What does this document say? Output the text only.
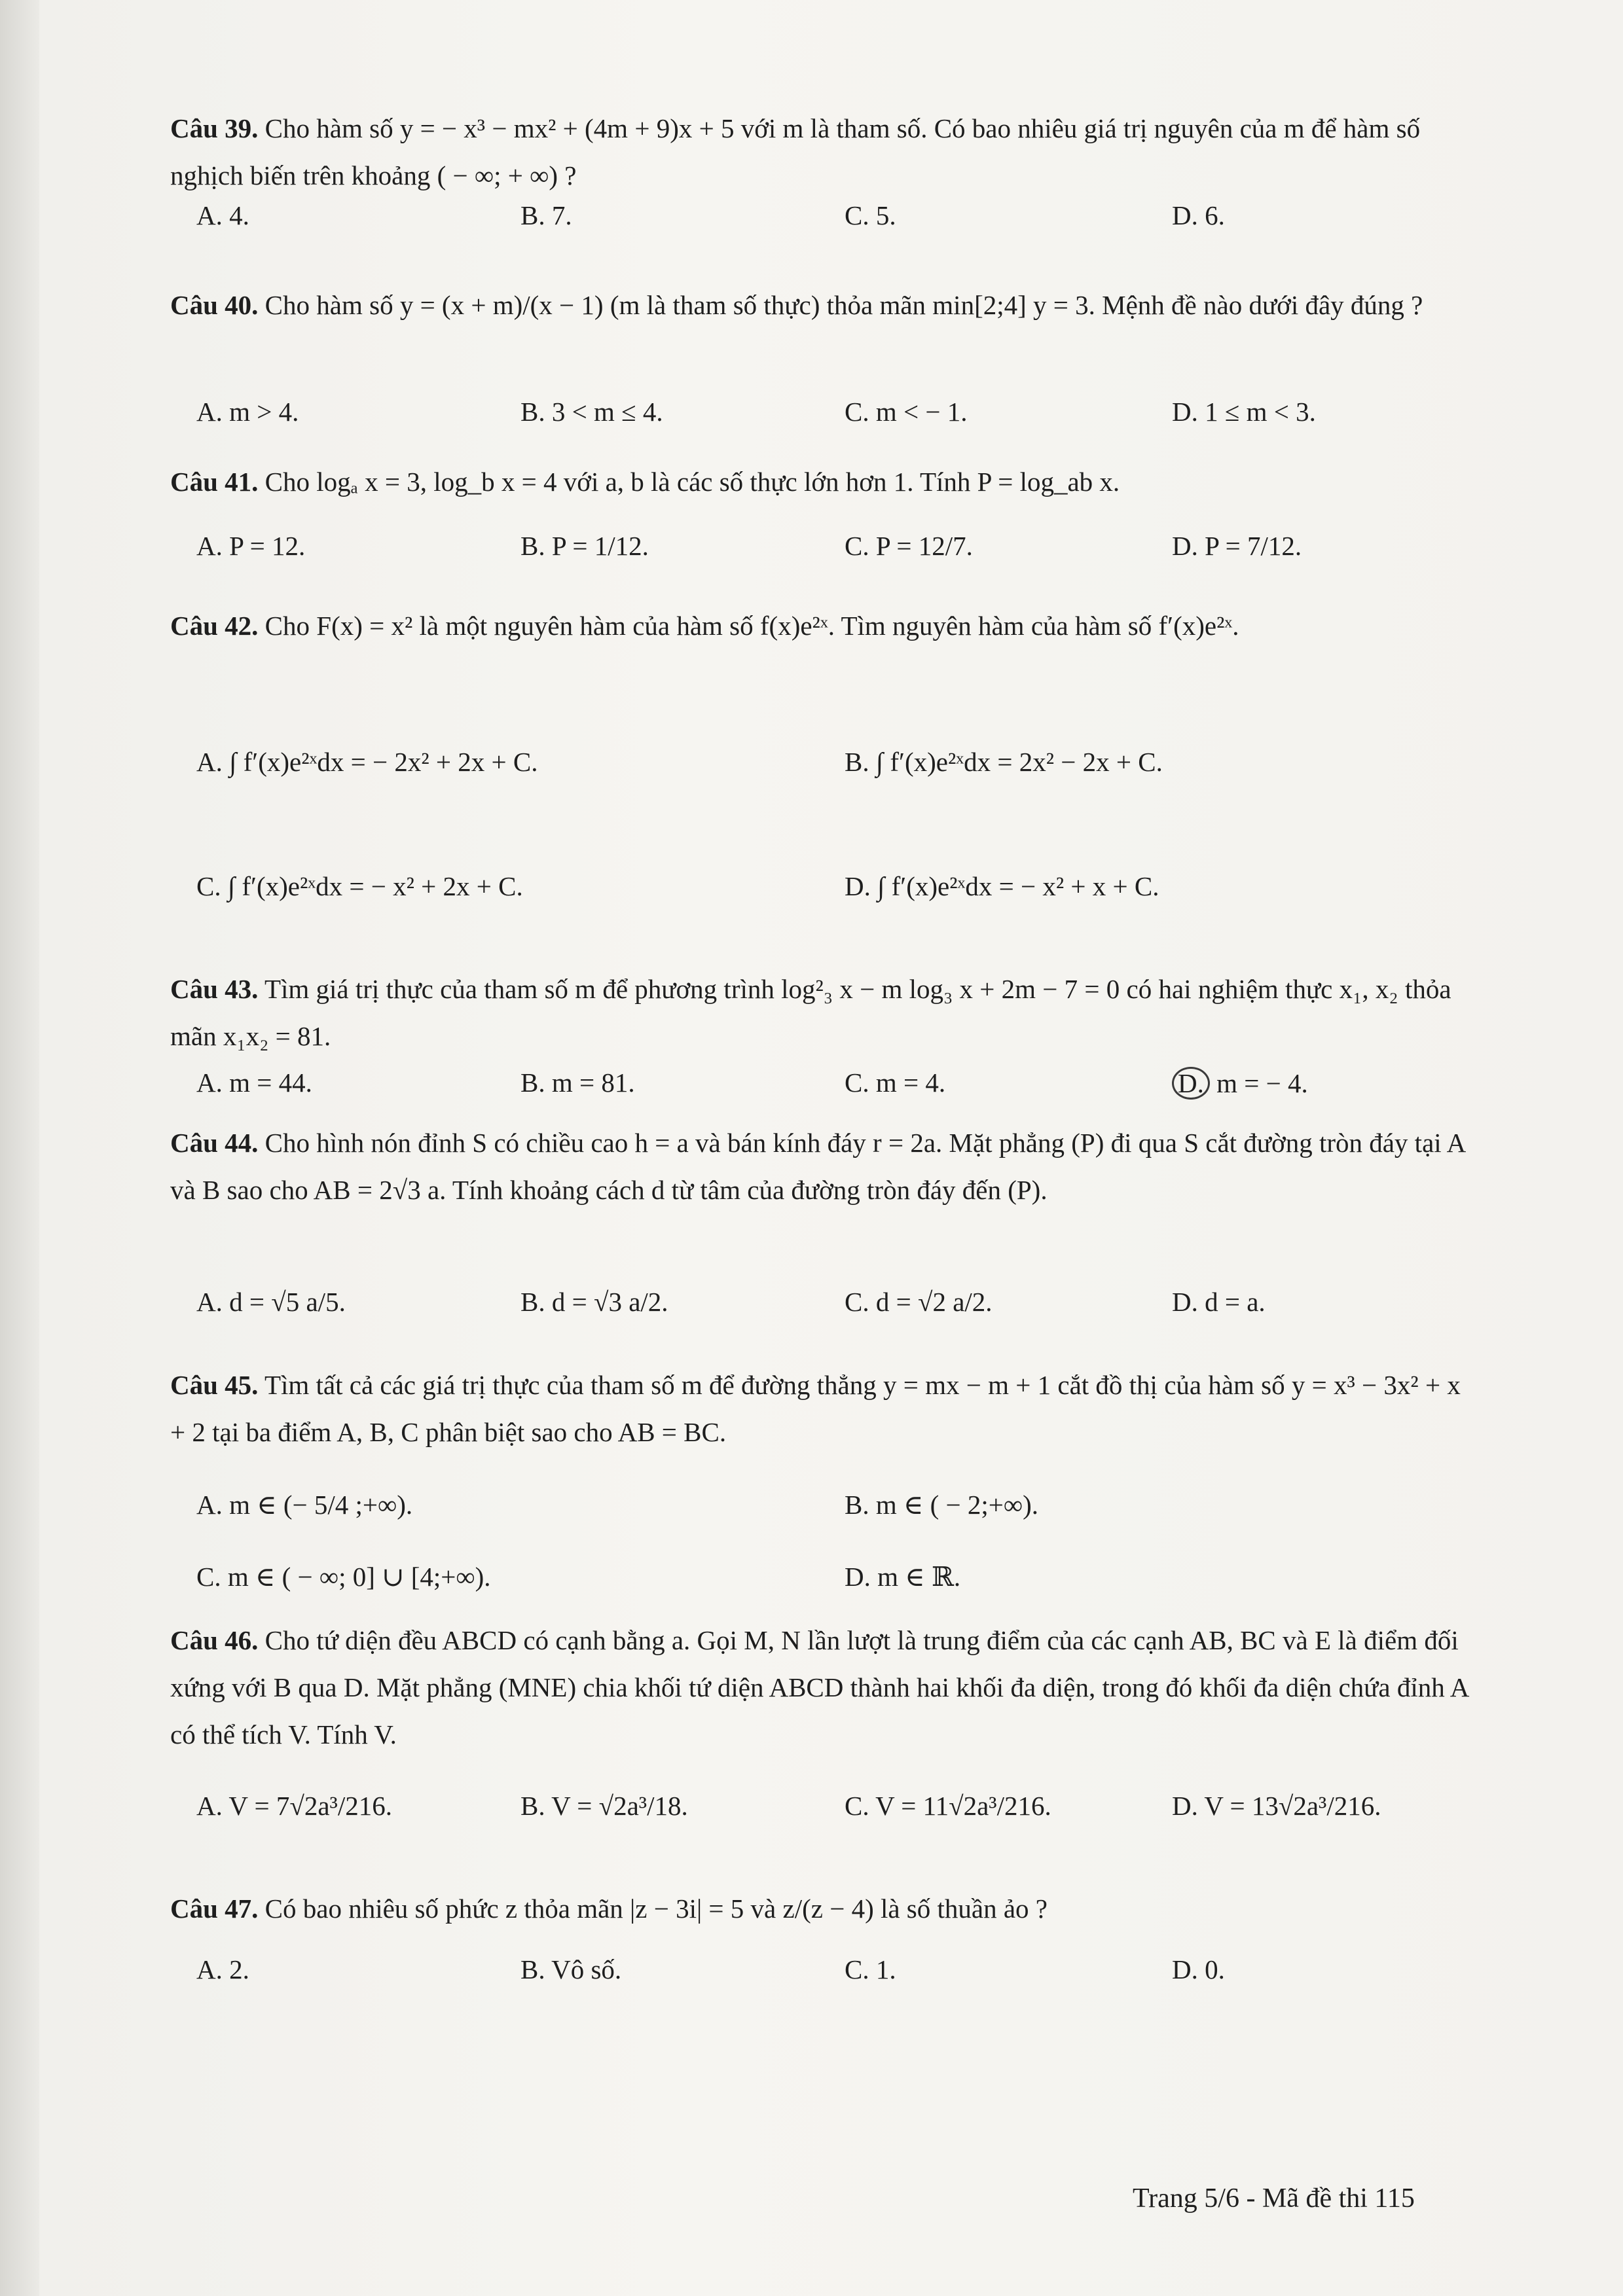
Câu 39. Cho hàm số y = − x³ − mx² + (4m + 9)x + 5 với m là tham số. Có bao nhiêu giá trị nguyên của m để hàm số nghịch biến trên khoảng ( − ∞; + ∞) ?
A. 4.	B. 7.	C. 5.	D. 6.
Câu 40. Cho hàm số y = (x + m)/(x − 1) (m là tham số thực) thỏa mãn min[2;4] y = 3. Mệnh đề nào dưới đây đúng ?
A. m > 4.	B. 3 < m ≤ 4.	C. m < − 1.	D. 1 ≤ m < 3.
Câu 41. Cho logₐ x = 3, log_b x = 4 với a, b là các số thực lớn hơn 1. Tính P = log_ab x.
A. P = 12.	B. P = 1/12.	C. P = 12/7.	D. P = 7/12.
Câu 42. Cho F(x) = x² là một nguyên hàm của hàm số f(x)e²ˣ. Tìm nguyên hàm của hàm số f′(x)e²ˣ.
A. ∫ f′(x)e²ˣdx = − 2x² + 2x + C.	B. ∫ f′(x)e²ˣdx = 2x² − 2x + C.
C. ∫ f′(x)e²ˣdx = − x² + 2x + C.	D. ∫ f′(x)e²ˣdx = − x² + x + C.
Câu 43. Tìm giá trị thực của tham số m để phương trình log²₃ x − m log₃ x + 2m − 7 = 0 có hai nghiệm thực x₁, x₂ thỏa mãn x₁x₂ = 81.
A. m = 44.	B. m = 81.	C. m = 4.	D. m = − 4.
Câu 44. Cho hình nón đỉnh S có chiều cao h = a và bán kính đáy r = 2a. Mặt phẳng (P) đi qua S cắt đường tròn đáy tại A và B sao cho AB = 2√3 a. Tính khoảng cách d từ tâm của đường tròn đáy đến (P).
A. d = √5 a/5.	B. d = √3 a/2.	C. d = √2 a/2.	D. d = a.
Câu 45. Tìm tất cả các giá trị thực của tham số m để đường thẳng y = mx − m + 1 cắt đồ thị của hàm số y = x³ − 3x² + x + 2 tại ba điểm A, B, C phân biệt sao cho AB = BC.
A. m ∈ (− 5/4 ;+∞).	B. m ∈ ( − 2;+∞).
C. m ∈ ( − ∞; 0] ∪ [4;+∞).	D. m ∈ ℝ.
Câu 46. Cho tứ diện đều ABCD có cạnh bằng a. Gọi M, N lần lượt là trung điểm của các cạnh AB, BC và E là điểm đối xứng với B qua D. Mặt phẳng (MNE) chia khối tứ diện ABCD thành hai khối đa diện, trong đó khối đa diện chứa đỉnh A có thể tích V. Tính V.
A. V = 7√2a³/216.	B. V = √2a³/18.	C. V = 11√2a³/216.	D. V = 13√2a³/216.
Câu 47. Có bao nhiêu số phức z thỏa mãn |z − 3i| = 5 và z/(z − 4) là số thuần ảo ?
A. 2.	B. Vô số.	C. 1.	D. 0.
Trang 5/6 - Mã đề thi 115
